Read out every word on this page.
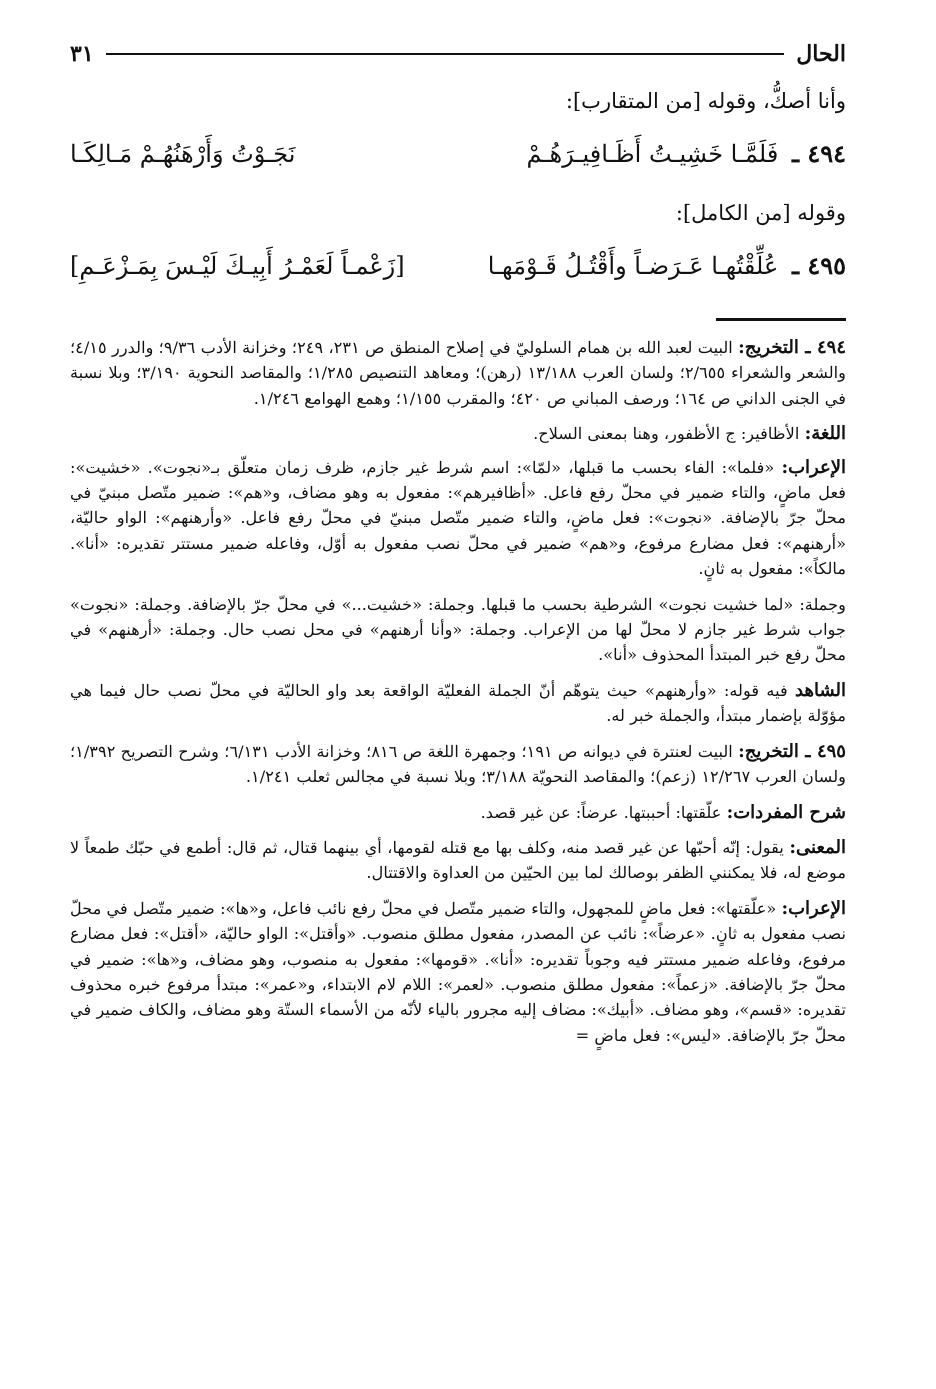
الحال
٣١

وأنا أصكُّ، وقوله [من المتقارب]:

٤٩٤ ـ فَلَمَّـا خَشِيـتُ أَظَـافِيـرَهُـمْ
نَجَـوْتُ وَأَرْهَنُهُـمْ مَـالِكَـا

وقوله [من الكامل]:

٤٩٥ ـ عُلِّقْتُهـا عَـرَضـاً وأَقْتُـلُ قَـوْمَهـا
[زَعْمـاً لَعَمْـرُ أَبِيـكَ لَيْـسَ بِمَـزْعَـمِ]

٤٩٤ ـ التخريج: البيت لعبد الله بن همام السلوليّ في إصلاح المنطق ص ٢٣١، ٢٤٩؛ وخزانة الأدب ٩/٣٦؛ والدرر ٤/١٥؛ والشعر والشعراء ٢/٦٥٥؛ ولسان العرب ١٣/١٨٨ (رهن)؛ ومعاهد التنصيص ١/٢٨٥؛ والمقاصد النحوية ٣/١٩٠؛ وبلا نسبة في الجنى الداني ص ١٦٤؛ ورصف المباني ص ٤٢٠؛ والمقرب ١/١٥٥؛ وهمع الهوامع ١/٢٤٦.

اللغة: الأظافير: ج الأظفور، وهنا بمعنى السلاح.

الإعراب: «فلما»: الفاء بحسب ما قبلها، «لمّا»: اسم شرط غير جازم، ظرف زمان متعلّق بـ«نجوت». «خشيت»: فعل ماضٍ، والتاء ضمير في محلّ رفع فاعل. «أظافيرهم»: مفعول به وهو مضاف، و«هم»: ضمير متّصل مبنيّ في محلّ جرّ بالإضافة. «نجوت»: فعل ماضٍ، والتاء ضمير متّصل مبنيّ في محلّ رفع فاعل. «وأرهنهم»: الواو حاليّة، «أرهنهم»: فعل مضارع مرفوع، و«هم» ضمير في محلّ نصب مفعول به أوّل، وفاعله ضمير مستتر تقديره: «أنا». مالكاً»: مفعول به ثانٍ.

وجملة: «لما خشيت نجوت» الشرطية بحسب ما قبلها. وجملة: «خشيت...» في محلّ جرّ بالإضافة. وجملة: «نجوت» جواب شرط غير جازم لا محلّ لها من الإعراب. وجملة: «وأنا أرهنهم» في محل نصب حال. وجملة: «أرهنهم» في محلّ رفع خبر المبتدأ المحذوف «أنا».

الشاهد فيه قوله: «وأرهنهم» حيث يتوهّم أنّ الجملة الفعليّة الواقعة بعد واو الحاليّة في محلّ نصب حال فيما هي مؤوّلة بإضمار مبتدأ، والجملة خبر له.

٤٩٥ ـ التخريج: البيت لعنترة في ديوانه ص ١٩١؛ وجمهرة اللغة ص ٨١٦؛ وخزانة الأدب ٦/١٣١؛ وشرح التصريح ١/٣٩٢؛ ولسان العرب ١٢/٢٦٧ (زعم)؛ والمقاصد النحويّة ٣/١٨٨؛ وبلا نسبة في مجالس ثعلب ١/٢٤١.

شرح المفردات: علّقتها: أحببتها. عرضاً: عن غير قصد.

المعنى: يقول: إنّه أحبّها عن غير قصد منه، وكلف بها مع قتله لقومها، أي بينهما قتال، ثم قال: أطمع في حبّك طمعاً لا موضع له، فلا يمكنني الظفر بوصالك لما بين الحيّين من العداوة والاقتتال.

الإعراب: «علّقتها»: فعل ماضٍ للمجهول، والتاء ضمير متّصل في محلّ رفع نائب فاعل، و«ها»: ضمير متّصل في محلّ نصب مفعول به ثانٍ. «عرضاً»: نائب عن المصدر، مفعول مطلق منصوب. «وأقتل»: الواو حاليّة، «أقتل»: فعل مضارع مرفوع، وفاعله ضمير مستتر فيه وجوباً تقديره: «أنا». «قومها»: مفعول به منصوب، وهو مضاف، و«ها»: ضمير في محلّ جرّ بالإضافة. «زعماً»: مفعول مطلق منصوب. «لعمر»: اللام لام الابتداء، و«عمر»: مبتدأ مرفوع خبره محذوف تقديره: «قسم»، وهو مضاف. «أبيك»: مضاف إليه مجرور بالياء لأنّه من الأسماء الستّة وهو مضاف، والكاف ضمير في محلّ جرّ بالإضافة. «ليس»: فعل ماضٍ =
